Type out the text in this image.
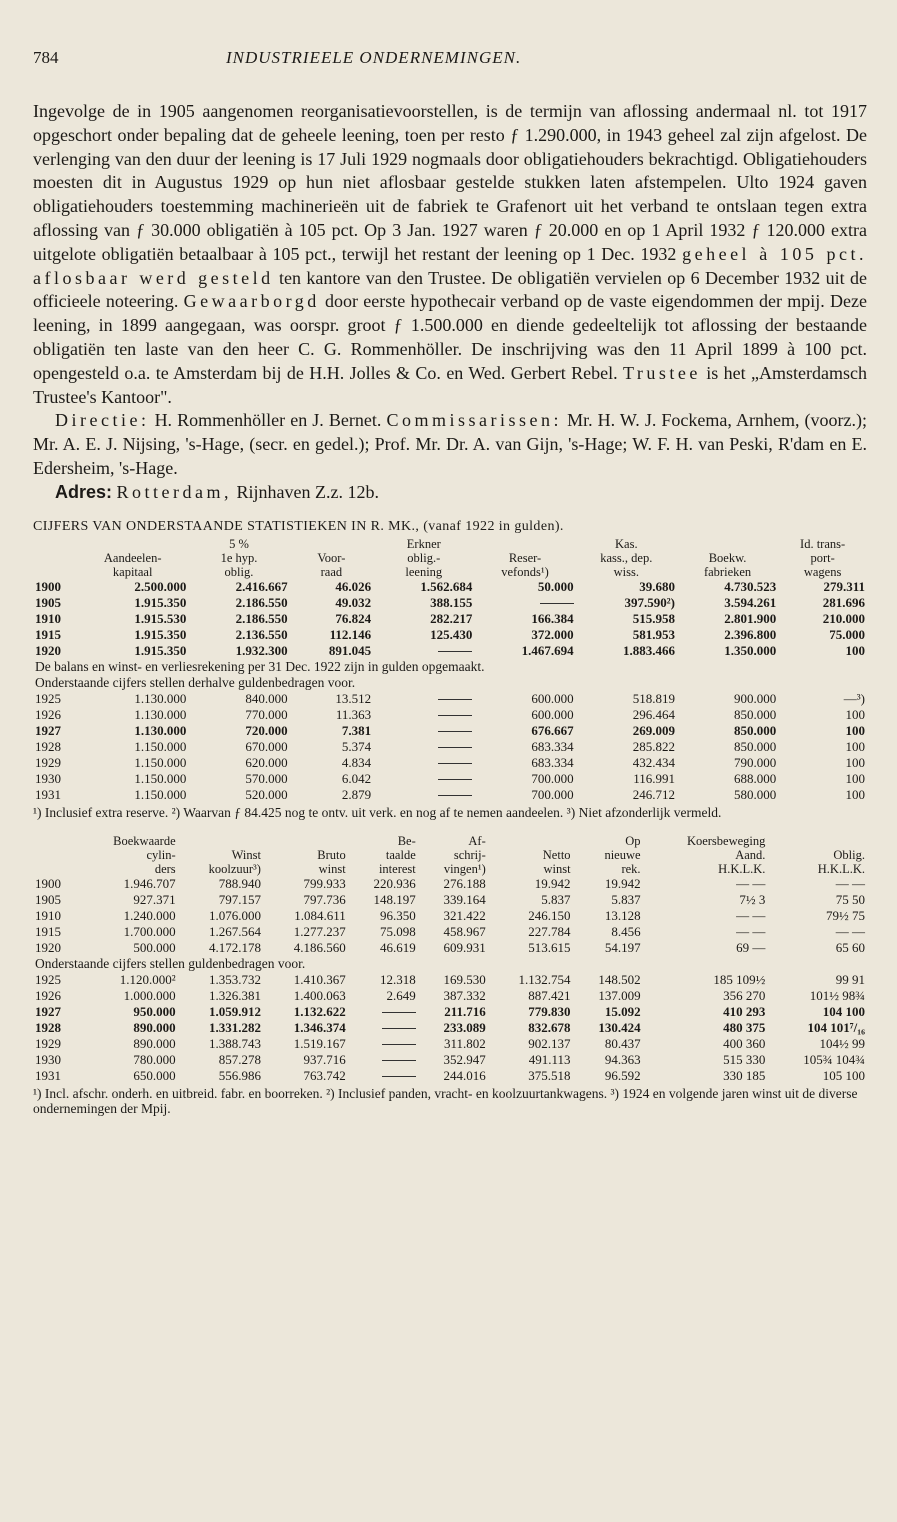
784	INDUSTRIEELE ONDERNEMINGEN.

Ingevolge de in 1905 aangenomen reorganisatievoorstellen, is de termijn van aflossing andermaal nl. tot 1917 opgeschort onder bepaling dat de geheele leening, toen per resto ƒ 1.290.000, in 1943 geheel zal zijn afgelost. De verlenging van den duur der leening is 17 Juli 1929 nogmaals door obligatiehouders bekrachtigd. Obligatiehouders moesten dit in Augustus 1929 op hun niet aflosbaar gestelde stukken laten afstempelen. Ulto 1924 gaven obligatiehouders toestemming machinerieën uit de fabriek te Grafenort uit het verband te ontslaan tegen extra aflossing van ƒ 30.000 obligatiën à 105 pct. Op 3 Jan. 1927 waren ƒ 20.000 en op 1 April 1932 ƒ 120.000 extra uitgelote obligatiën betaalbaar à 105 pct., terwijl het restant der leening op 1 Dec. 1932 geheel à 105 pct. aflosbaar werd gesteld ten kantore van den Trustee. De obligatiën vervielen op 6 December 1932 uit de officieele noteering. Gewaarborgd door eerste hypothecair verband op de vaste eigendommen der mpij. Deze leening, in 1899 aangegaan, was oorspr. groot ƒ 1.500.000 en diende gedeeltelijk tot aflossing der bestaande obligatiën ten laste van den heer C. G. Rommenhöller. De inschrijving was den 11 April 1899 à 100 pct. opengesteld o.a. te Amsterdam bij de H.H. Jolles & Co. en Wed. Gerbert Rebel. Trustee is het „Amsterdamsch Trustee's Kantoor".

Directie: H. Rommenhöller en J. Bernet. Commissarissen: Mr. H. W. J. Fockema, Arnhem, (voorz.); Mr. A. E. J. Nijsing, 's-Hage, (secr. en gedel.); Prof. Mr. Dr. A. van Gijn, 's-Hage; W. F. H. van Peski, R'dam en E. Edersheim, 's-Hage.

Adres: Rotterdam, Rijnhaven Z.z. 12b.

CIJFERS VAN ONDERSTAANDE STATISTIEKEN IN R. MK., (vanaf 1922 in gulden).
		5 %		Erkner		Kas.		Id. trans-
	Aandeelen-	1e hyp.	Voor-	oblig.-	Reser-	kass., dep.	Boekw.	port-
	kapitaal	oblig.	raad	leening	vefonds¹)	wiss.	fabrieken	wagens
1900	2.500.000	2.416.667	46.026	1.562.684	50.000	39.680	4.730.523	279.311
1905	1.915.350	2.186.550	49.032	388.155		397.590²)	3.594.261	281.696
1910	1.915.530	2.186.550	76.824	282.217	166.384	515.958	2.801.900	210.000
1915	1.915.350	2.136.550	112.146	125.430	372.000	581.953	2.396.800	75.000
1920	1.915.350	1.932.300	891.045		1.467.694	1.883.466	1.350.000	100
De balans en winst- en verliesrekening per 31 Dec. 1922 zijn in gulden opgemaakt.								
Onderstaande cijfers stellen derhalve guldenbedragen voor.								
1925	1.130.000	840.000	13.512		600.000	518.819	900.000	—³)
1926	1.130.000	770.000	11.363		600.000	296.464	850.000	100
1927	1.130.000	720.000	7.381		676.667	269.009	850.000	100
1928	1.150.000	670.000	5.374		683.334	285.822	850.000	100
1929	1.150.000	620.000	4.834		683.334	432.434	790.000	100
1930	1.150.000	570.000	6.042		700.000	116.991	688.000	100
1931	1.150.000	520.000	2.879		700.000	246.712	580.000	100
¹) Inclusief extra reserve. ²) Waarvan ƒ 84.425 nog te ontv. uit verk. en nog af te nemen aandeelen. ³) Niet afzonderlijk vermeld.
	Boekwaarde			Be-	Af-		Op	Koersbeweging	
	cylin-	Winst	Bruto	taalde	schrij-	Netto	nieuwe	Aand.	Oblig.
	ders	koolzuur³)	winst	interest	vingen¹)	winst	rek.	H.K.L.K.	H.K.L.K.
1900	1.946.707	788.940	799.933	220.936	276.188	19.942	19.942	— —	— —
1905	927.371	797.157	797.736	148.197	339.164	5.837	5.837	7½ 3	75 50
1910	1.240.000	1.076.000	1.084.611	96.350	321.422	246.150	13.128	— —	79½ 75
1915	1.700.000	1.267.564	1.277.237	75.098	458.967	227.784	8.456	— —	— —
1920	500.000	4.172.178	4.186.560	46.619	609.931	513.615	54.197	69 —	65 60
Onderstaande cijfers stellen guldenbedragen voor.									
1925	1.120.000²	1.353.732	1.410.367	12.318	169.530	1.132.754	148.502	185 109½	99 91
1926	1.000.000	1.326.381	1.400.063	2.649	387.332	887.421	137.009	356 270	101½ 98¾
1927	950.000	1.059.912	1.132.622		211.716	779.830	15.092	410 293	104 100
1928	890.000	1.331.282	1.346.374		233.089	832.678	130.424	480 375	104 101⁷/₁₆
1929	890.000	1.388.743	1.519.167		311.802	902.137	80.437	400 360	104½ 99
1930	780.000	857.278	937.716		352.947	491.113	94.363	515 330	105¾ 104¾
1931	650.000	556.986	763.742		244.016	375.518	96.592	330 185	105 100
¹) Incl. afschr. onderh. en uitbreid. fabr. en boorreken. ²) Inclusief panden, vracht- en koolzuurtankwagens. ³) 1924 en volgende jaren winst uit de diverse ondernemingen der Mpij.
